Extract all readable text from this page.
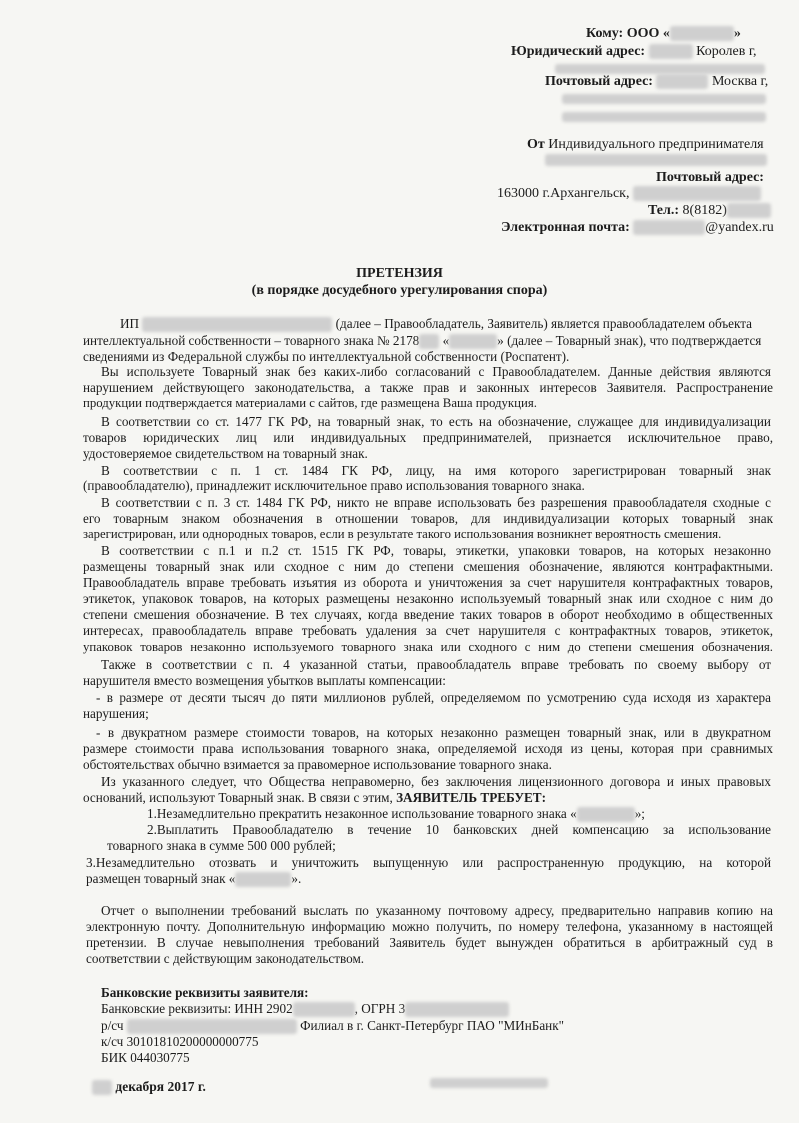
Кому: ООО «	»
Юридический адрес:	Королев г,
Почтовый адрес:	Москва г,
От Индивидуального предпринимателя
Почтовый адрес:
163000 г.Архангельск,
Тел.: 8(8182)
Электронная почта:	@yandex.ru
ПРЕТЕНЗИЯ
(в порядке досудебного урегулирования спора)
ИП	(далее – Правообладатель, Заявитель) является правообладателем объекта
интеллектуальной собственности – товарного знака № 2178 «	» (далее – Товарный знак), что подтверждается
сведениями из Федеральной службы по интеллектуальной собственности (Роспатент).
Вы используете Товарный знак без каких-либо согласований с Правообладателем. Данные действия являются
нарушением действующего законодательства, а также прав и законных интересов Заявителя. Распространение
продукции подтверждается материалами с сайтов, где размещена Ваша продукция.
В соответствии со ст. 1477 ГК РФ, на товарный знак, то есть на обозначение, служащее для индивидуализации
товаров юридических лиц или индивидуальных предпринимателей, признается исключительное право,
удостоверяемое свидетельством на товарный знак.
В соответствии с п. 1 ст. 1484 ГК РФ, лицу, на имя которого зарегистрирован товарный знак
(правообладателю), принадлежит исключительное право использования товарного знака.
В соответствии с п. 3 ст. 1484 ГК РФ, никто не вправе использовать без разрешения правообладателя сходные с
его товарным знаком обозначения в отношении товаров, для индивидуализации которых товарный знак
зарегистрирован, или однородных товаров, если в результате такого использования возникнет вероятность смешения.
В соответствии с п.1 и п.2 ст. 1515 ГК РФ, товары, этикетки, упаковки товаров, на которых незаконно
размещены товарный знак или сходное с ним до степени смешения обозначение, являются контрафактными.
Правообладатель вправе требовать изъятия из оборота и уничтожения за счет нарушителя контрафактных товаров,
этикеток, упаковок товаров, на которых размещены незаконно используемый товарный знак или сходное с ним до
степени смешения обозначение. В тех случаях, когда введение таких товаров в оборот необходимо в общественных
интересах, правообладатель вправе требовать удаления за счет нарушителя с контрафактных товаров, этикеток,
упаковок товаров незаконно используемого товарного знака или сходного с ним до степени смешения обозначения.
Также в соответствии с п. 4 указанной статьи, правообладатель вправе требовать по своему выбору от
нарушителя вместо возмещения убытков выплаты компенсации:
- в размере от десяти тысяч до пяти миллионов рублей, определяемом по усмотрению суда исходя из характера
нарушения;
- в двукратном размере стоимости товаров, на которых незаконно размещен товарный знак, или в двукратном
размере стоимости права использования товарного знака, определяемой исходя из цены, которая при сравнимых
обстоятельствах обычно взимается за правомерное использование товарного знака.
Из указанного следует, что Общества неправомерно, без заключения лицензионного договора и иных правовых
оснований, используют Товарный знак. В связи с этим, ЗАЯВИТЕЛЬ ТРЕБУЕТ:
1.Незамедлительно прекратить незаконное использование товарного знака «	»;
2.Выплатить Правообладателю в течение 10 банковских дней компенсацию за использование
товарного знака в сумме 500 000 рублей;
3.Незамедлительно отозвать и уничтожить выпущенную или распространенную продукцию, на которой
размещен товарный знак «	».
Отчет о выполнении требований выслать по указанному почтовому адресу, предварительно направив копию на
электронную почту. Дополнительную информацию можно получить, по номеру телефона, указанному в настоящей
претензии. В случае невыполнения требований Заявитель будет вынужден обратиться в арбитражный суд в
соответствии с действующим законодательством.
Банковские реквизиты заявителя:
Банковские реквизиты: ИНН 2902	, ОГРН 3
р/сч	Филиал в г. Санкт-Петербург ПАО "МИнБанк"
к/сч 30101810200000000775
БИК 044030775
декабря 2017 г.
